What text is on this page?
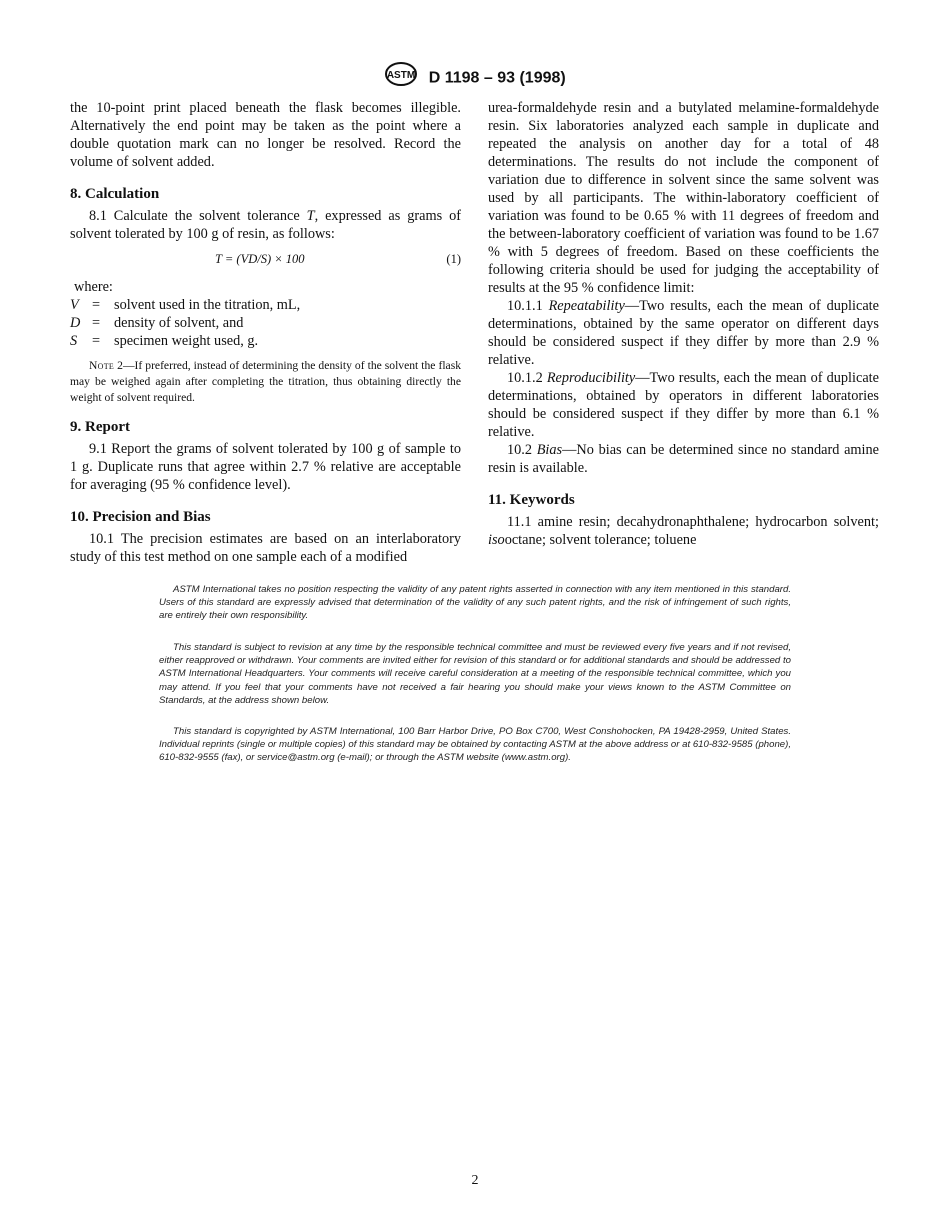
ASTM D 1198 – 93 (1998)

the 10-point print placed beneath the flask becomes illegible. Alternatively the end point may be taken as the point where a double quotation mark can no longer be resolved. Record the volume of solvent added.

8. Calculation

8.1 Calculate the solvent tolerance T, expressed as grams of solvent tolerated by 100 g of resin, as follows:

T = (VD/S) × 100	(1)

where:

V = solvent used in the titration, mL,
D = density of solvent, and
S	= specimen weight used, g.

Note 2—If preferred, instead of determining the density of the solvent the flask may be weighed again after completing the titration, thus obtaining directly the weight of solvent required.

9. Report

9.1 Report the grams of solvent tolerated by 100 g of sample to 1 g. Duplicate runs that agree within 2.7 % relative are acceptable for averaging (95 % confidence level).

10. Precision and Bias

10.1 The precision estimates are based on an interlaboratory study of this test method on one sample each of a modified

urea-formaldehyde resin and a butylated melamine-formaldehyde resin. Six laboratories analyzed each sample in duplicate and repeated the analysis on another day for a total of 48 determinations. The results do not include the component of variation due to difference in solvent since the same solvent was used by all participants. The within-laboratory coefficient of variation was found to be 0.65 % with 11 degrees of freedom and the between-laboratory coefficient of variation was found to be 1.67 % with 5 degrees of freedom. Based on these coefficients the following criteria should be used for judging the acceptability of results at the 95 % confidence limit:

10.1.1 Repeatability—Two results, each the mean of duplicate determinations, obtained by the same operator on different days should be considered suspect if they differ by more than 2.9 % relative.

10.1.2 Reproducibility—Two results, each the mean of duplicate determinations, obtained by operators in different laboratories should be considered suspect if they differ by more than 6.1 % relative.

10.2 Bias—No bias can be determined since no standard amine resin is available.

11. Keywords

11.1 amine resin; decahydronaphthalene; hydrocarbon solvent; isooctane; solvent tolerance; toluene

ASTM International takes no position respecting the validity of any patent rights asserted in connection with any item mentioned in this standard. Users of this standard are expressly advised that determination of the validity of any such patent rights, and the risk of infringement of such rights, are entirely their own responsibility.

This standard is subject to revision at any time by the responsible technical committee and must be reviewed every five years and if not revised, either reapproved or withdrawn. Your comments are invited either for revision of this standard or for additional standards and should be addressed to ASTM International Headquarters. Your comments will receive careful consideration at a meeting of the responsible technical committee, which you may attend. If you feel that your comments have not received a fair hearing you should make your views known to the ASTM Committee on Standards, at the address shown below.

This standard is copyrighted by ASTM International, 100 Barr Harbor Drive, PO Box C700, West Conshohocken, PA 19428-2959, United States. Individual reprints (single or multiple copies) of this standard may be obtained by contacting ASTM at the above address or at 610-832-9585 (phone), 610-832-9555 (fax), or service@astm.org (e-mail); or through the ASTM website (www.astm.org).

2
